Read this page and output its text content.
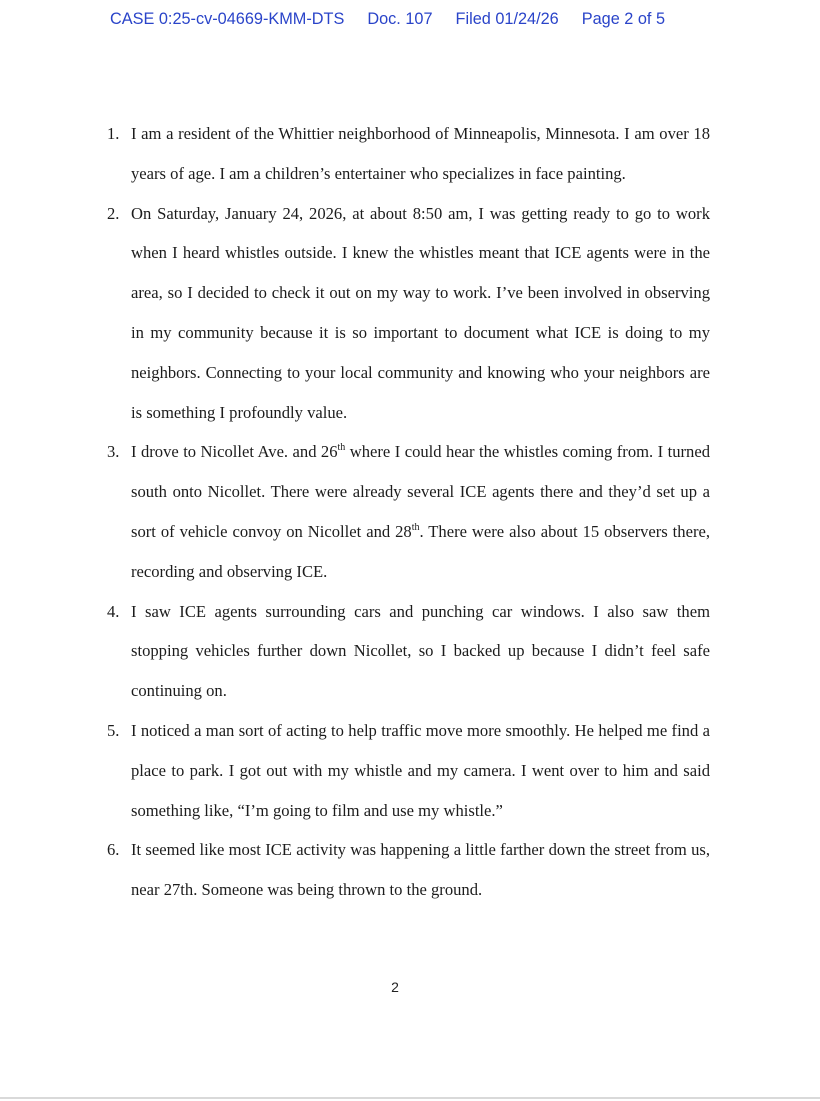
CASE 0:25-cv-04669-KMM-DTS Doc. 107 Filed 01/24/26 Page 2 of 5
1. I am a resident of the Whittier neighborhood of Minneapolis, Minnesota. I am over 18 years of age. I am a children’s entertainer who specializes in face painting.
2. On Saturday, January 24, 2026, at about 8:50 am, I was getting ready to go to work when I heard whistles outside. I knew the whistles meant that ICE agents were in the area, so I decided to check it out on my way to work. I’ve been involved in observing in my community because it is so important to document what ICE is doing to my neighbors. Connecting to your local community and knowing who your neighbors are is something I profoundly value.
3. I drove to Nicollet Ave. and 26th where I could hear the whistles coming from. I turned south onto Nicollet. There were already several ICE agents there and they’d set up a sort of vehicle convoy on Nicollet and 28th. There were also about 15 observers there, recording and observing ICE.
4. I saw ICE agents surrounding cars and punching car windows. I also saw them stopping vehicles further down Nicollet, so I backed up because I didn’t feel safe continuing on.
5. I noticed a man sort of acting to help traffic move more smoothly. He helped me find a place to park. I got out with my whistle and my camera. I went over to him and said something like, “I’m going to film and use my whistle.”
6. It seemed like most ICE activity was happening a little farther down the street from us, near 27th. Someone was being thrown to the ground.
2
